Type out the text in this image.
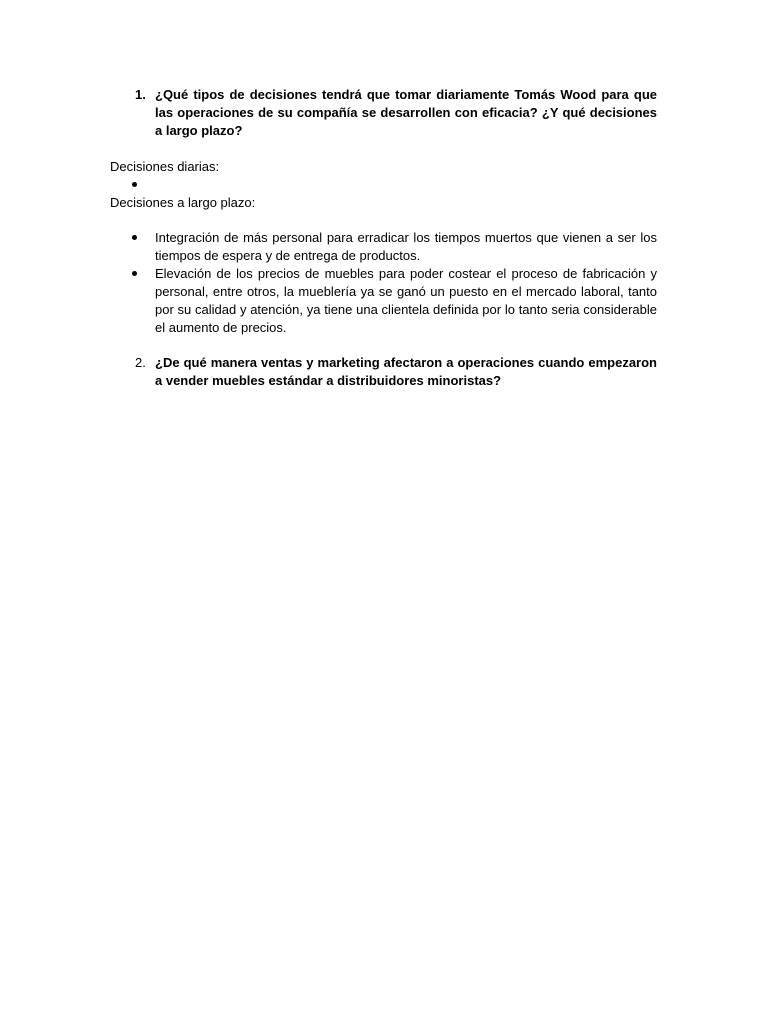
1. ¿Qué tipos de decisiones tendrá que tomar diariamente Tomás Wood para que las operaciones de su compañía se desarrollen con eficacia? ¿Y qué decisiones a largo plazo?
Decisiones diarias:
Decisiones a largo plazo:
Integración de más personal para erradicar los tiempos muertos que vienen a ser los tiempos de espera y de entrega de productos.
Elevación de los precios de muebles para poder costear el proceso de fabricación y personal, entre otros, la mueblería ya se ganó un puesto en el mercado laboral, tanto por su calidad y atención, ya tiene una clientela definida por lo tanto seria considerable el aumento de precios.
2. ¿De qué manera ventas y marketing afectaron a operaciones cuando empezaron a vender muebles estándar a distribuidores minoristas?
